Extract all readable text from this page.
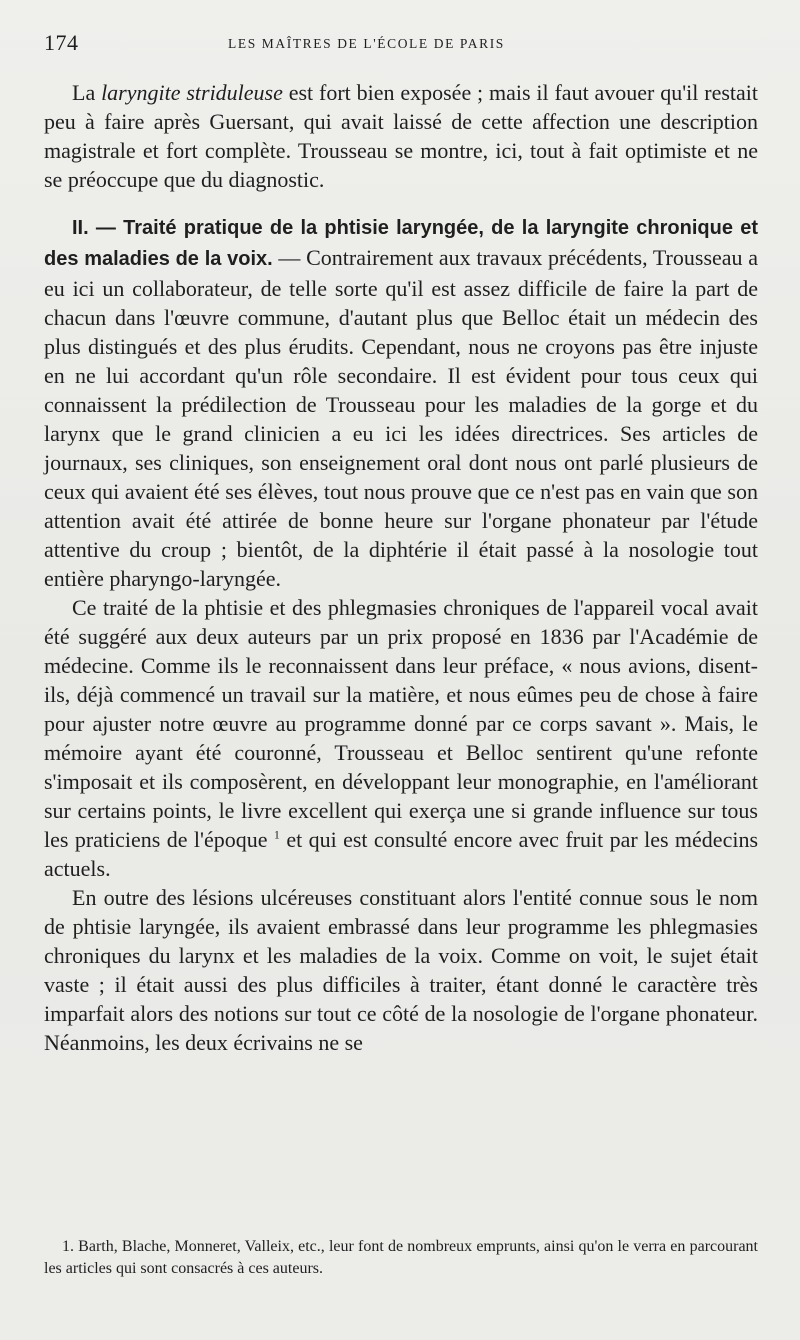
174	LES MAÎTRES DE L'ÉCOLE DE PARIS

La laryngite striduleuse est fort bien exposée ; mais il faut avouer qu'il restait peu à faire après Guersant, qui avait laissé de cette affection une description magistrale et fort complète. Trousseau se montre, ici, tout à fait optimiste et ne se préoccupe que du diagnostic.

II. — Traité pratique de la phtisie laryngée, de la laryngite chronique et des maladies de la voix. — Contrairement aux travaux précédents, Trousseau a eu ici un collaborateur, de telle sorte qu'il est assez difficile de faire la part de chacun dans l'œuvre commune, d'autant plus que Belloc était un médecin des plus distingués et des plus érudits. Cependant, nous ne croyons pas être injuste en ne lui accordant qu'un rôle secondaire. Il est évident pour tous ceux qui connaissent la prédilection de Trousseau pour les maladies de la gorge et du larynx que le grand clinicien a eu ici les idées directrices. Ses articles de journaux, ses cliniques, son enseignement oral dont nous ont parlé plusieurs de ceux qui avaient été ses élèves, tout nous prouve que ce n'est pas en vain que son attention avait été attirée de bonne heure sur l'organe phonateur par l'étude attentive du croup ; bientôt, de la diphtérie il était passé à la nosologie tout entière pharyngo-laryngée.

Ce traité de la phtisie et des phlegmasies chroniques de l'appareil vocal avait été suggéré aux deux auteurs par un prix proposé en 1836 par l'Académie de médecine. Comme ils le reconnaissent dans leur préface, « nous avions, disent-ils, déjà commencé un travail sur la matière, et nous eûmes peu de chose à faire pour ajuster notre œuvre au programme donné par ce corps savant ». Mais, le mémoire ayant été couronné, Trousseau et Belloc sentirent qu'une refonte s'imposait et ils composèrent, en développant leur monographie, en l'améliorant sur certains points, le livre excellent qui exerça une si grande influence sur tous les praticiens de l'époque $^1$ et qui est consulté encore avec fruit par les médecins actuels.

En outre des lésions ulcéreuses constituant alors l'entité connue sous le nom de phtisie laryngée, ils avaient embrassé dans leur programme les phlegmasies chroniques du larynx et les maladies de la voix. Comme on voit, le sujet était vaste ; il était aussi des plus difficiles à traiter, étant donné le caractère très imparfait alors des notions sur tout ce côté de la nosologie de l'organe phonateur. Néanmoins, les deux écrivains ne se

1. Barth, Blache, Monneret, Valleix, etc., leur font de nombreux emprunts, ainsi qu'on le verra en parcourant les articles qui sont consacrés à ces auteurs.
